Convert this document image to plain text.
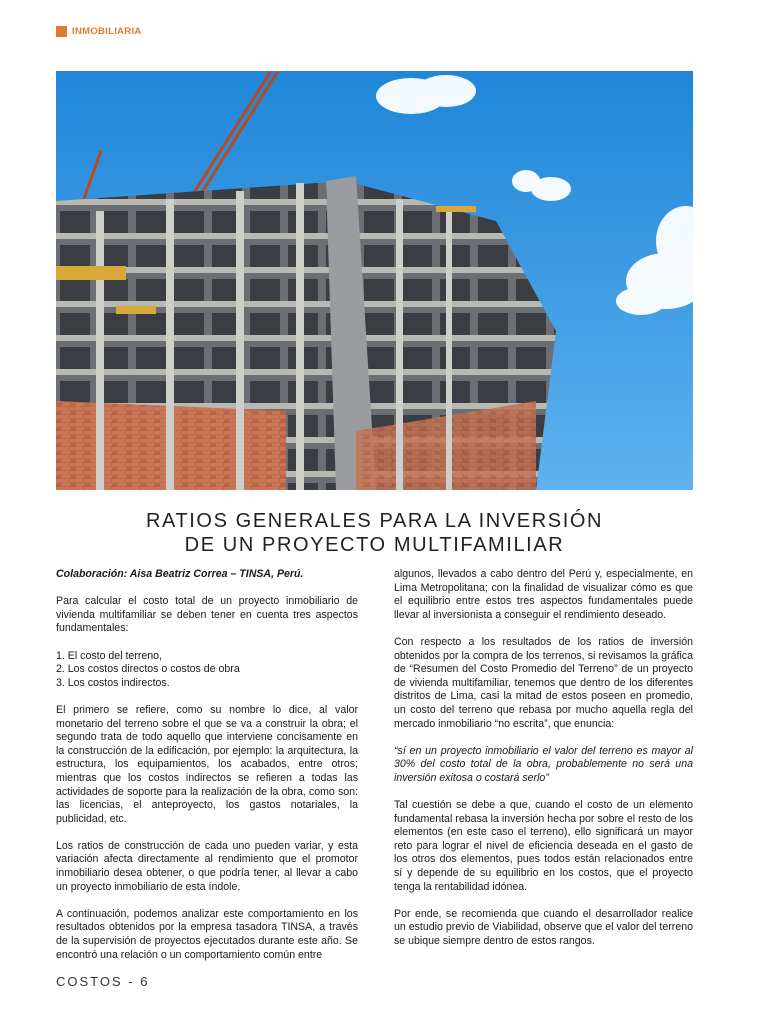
INMOBILIARIA
RATIOS GENERALES PARA LA INVERSIÓN
DE UN PROYECTO MULTIFAMILIAR

Colaboración: Aisa Beatriz Correa – TINSA, Perú.

Para calcular el costo total de un proyecto inmobiliario de vivienda multifamiliar se deben tener en cuenta tres aspectos fundamentales:

1. El costo del terreno,
2. Los costos directos o costos de obra
3. Los costos indirectos.

El primero se refiere, como su nombre lo dice, al valor monetario del terreno sobre el que se va a construir la obra; el segundo trata de todo aquello que interviene concisamente en la construcción de la edificación, por ejemplo: la arquitectura, la estructura, los equipamientos, los acabados, entre otros; mientras que los costos indirectos se refieren a todas las actividades de soporte para la realización de la obra, como son: las licencias, el anteproyecto, los gastos notariales, la publicidad, etc.

Los ratios de construcción de cada uno pueden variar, y esta variación afecta directamente al rendimiento que el promotor inmobiliario desea obtener, o que podría tener, al llevar a cabo un proyecto inmobiliario de esta índole.

A continuación, podemos analizar este comportamiento en los resultados obtenidos por la empresa tasadora TINSA, a través de la supervisión de proyectos ejecutados durante este año. Se encontró una relación o un comportamiento común entre

algunos, llevados a cabo dentro del Perú y, especialmente, en Lima Metropolitana; con la finalidad de visualizar cómo es que el equilibrio entre estos tres aspectos fundamentales puede llevar al inversionista a conseguir el rendimiento deseado.

Con respecto a los resultados de los ratios de inversión obtenidos por la compra de los terrenos, si revisamos la gráfica de “Resumen del Costo Promedio del Terreno” de un proyecto de vivienda multifamiliar, tenemos que dentro de los diferentes distritos de Lima, casi la mitad de estos poseen en promedio, un costo del terreno que rebasa por mucho aquella regla del mercado inmobiliario “no escrita”, que enuncia:

“sí en un proyecto inmobiliario el valor del terreno es mayor al 30% del costo total de la obra, probablemente no será una inversión exitosa o costará serlo”

Tal cuestión se debe a que, cuando el costo de un elemento fundamental rebasa la inversión hecha por sobre el resto de los elementos (en este caso el terreno), ello significará un mayor reto para lograr el nivel de eficiencia deseada en el gasto de los otros dos elementos, pues todos están relacionados entre sí y depende de su equilibrio en los costos, que el proyecto tenga la rentabilidad idónea.

Por ende, se recomienda que cuando el desarrollador realice un estudio previo de Viabilidad, observe que el valor del terreno se ubique siempre dentro de estos rangos.

COSTOS - 6
